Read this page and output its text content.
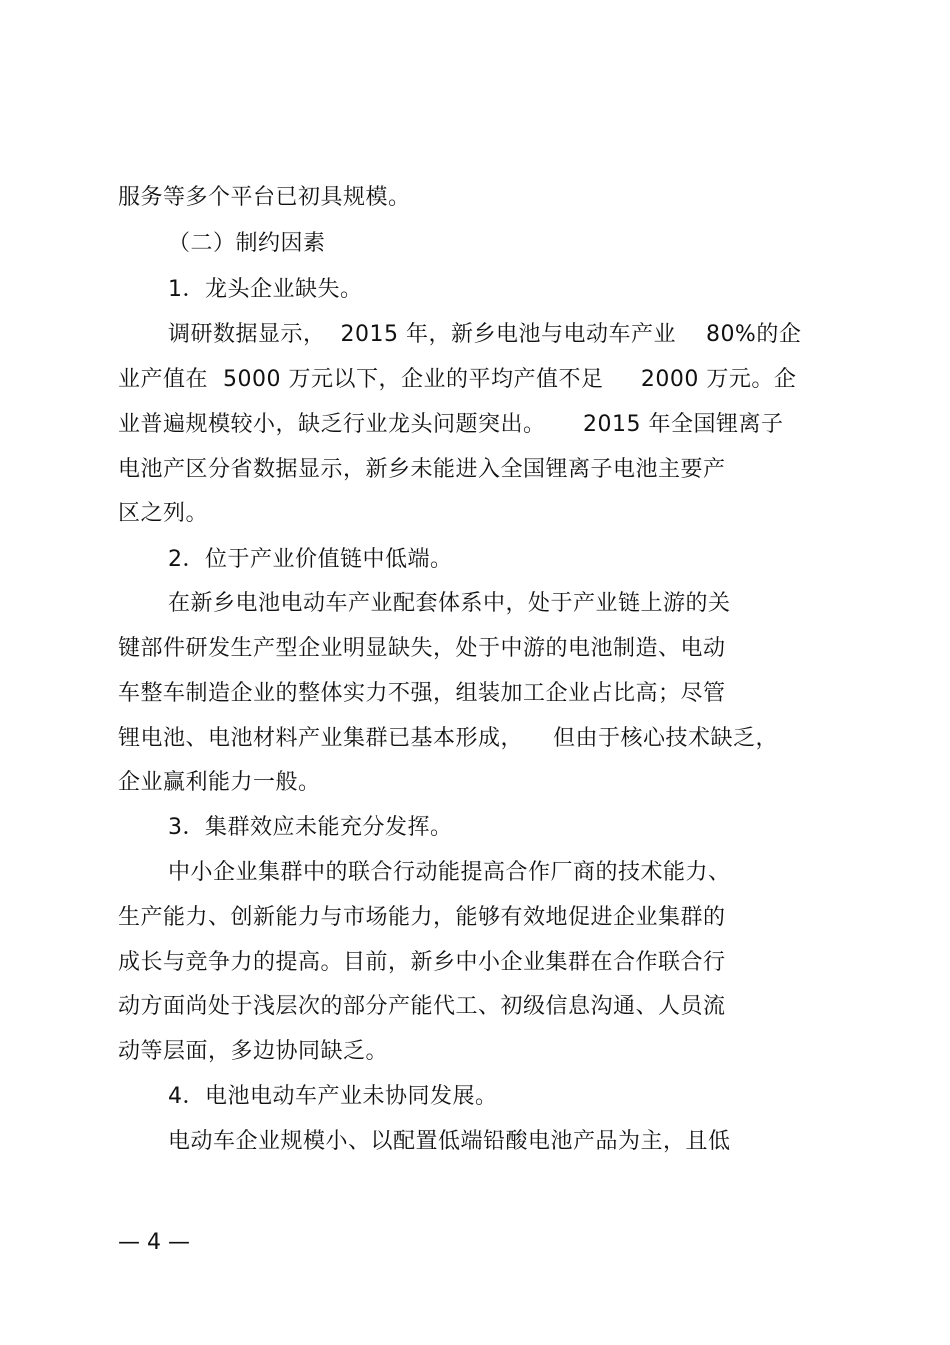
服务等多个平台已初具规模。
（二）制约因素
1．龙头企业缺失。
调研数据显示，  2015 年，新乡电池与电动车产业    80%的企
业产值在  5000 万元以下，企业的平均产值不足     2000 万元。企
业普遍规模较小，缺乏行业龙头问题突出。     2015 年全国锂离子
电池产区分省数据显示，新乡未能进入全国锂离子电池主要产
区之列。
2．位于产业价值链中低端。
在新乡电池电动车产业配套体系中，处于产业链上游的关
键部件研发生产型企业明显缺失，处于中游的电池制造、电动
车整车制造企业的整体实力不强，组装加工企业占比高；尽管
锂电池、电池材料产业集群已基本形成，    但由于核心技术缺乏，
企业赢利能力一般。
3．集群效应未能充分发挥。
中小企业集群中的联合行动能提高合作厂商的技术能力、
生产能力、创新能力与市场能力，能够有效地促进企业集群的
成长与竞争力的提高。目前，新乡中小企业集群在合作联合行
动方面尚处于浅层次的部分产能代工、初级信息沟通、人员流
动等层面，多边协同缺乏。
4．电池电动车产业未协同发展。
电动车企业规模小、以配置低端铅酸电池产品为主，且低
— 4 —
